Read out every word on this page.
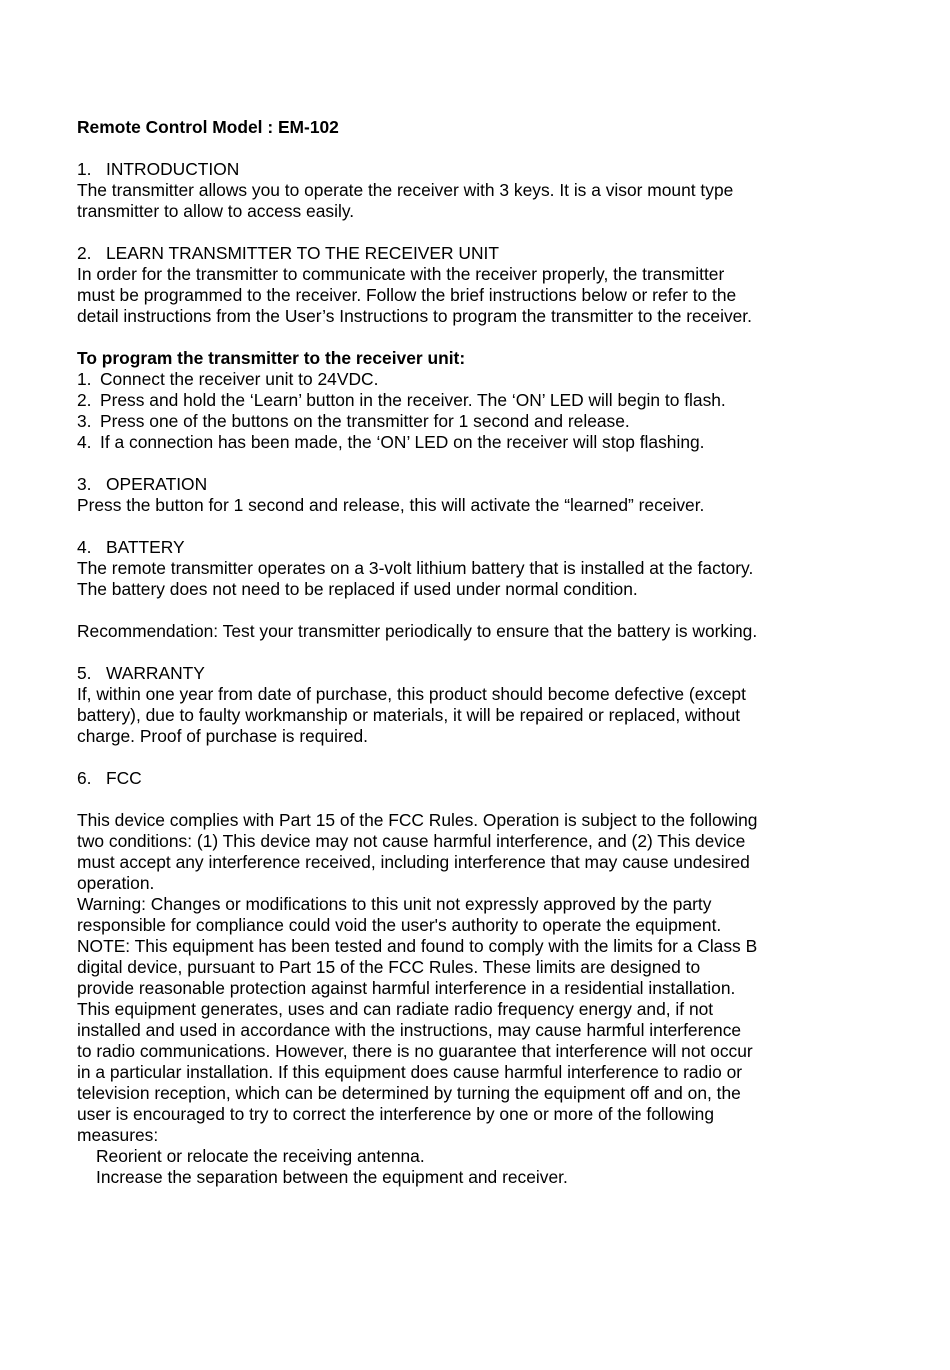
Remote Control Model : EM-102
1. INTRODUCTION
The transmitter allows you to operate the receiver with 3 keys. It is a visor mount type
transmitter to allow to access easily.
2. LEARN TRANSMITTER TO THE RECEIVER UNIT
In order for the transmitter to communicate with the receiver properly, the transmitter
must be programmed to the receiver. Follow the brief instructions below or refer to the
detail instructions from the User’s Instructions to program the transmitter to the receiver.
To program the transmitter to the receiver unit:
1. Connect the receiver unit to 24VDC.
2. Press and hold the ‘Learn’ button in the receiver. The ‘ON’ LED will begin to flash.
3. Press one of the buttons on the transmitter for 1 second and release.
4. If a connection has been made, the ‘ON’ LED on the receiver will stop flashing.
3. OPERATION
Press the button for 1 second and release, this will activate the “learned” receiver.
4. BATTERY
The remote transmitter operates on a 3-volt lithium battery that is installed at the factory.
The battery does not need to be replaced if used under normal condition.
Recommendation: Test your transmitter periodically to ensure that the battery is working.
5. WARRANTY
If, within one year from date of purchase, this product should become defective (except
battery), due to faulty workmanship or materials, it will be repaired or replaced, without
charge. Proof of purchase is required.
6. FCC
This device complies with Part 15 of the FCC Rules. Operation is subject to the following
two conditions: (1) This device may not cause harmful interference, and (2) This device
must accept any interference received, including interference that may cause undesired
operation.
Warning: Changes or modifications to this unit not expressly approved by the party
responsible for compliance could void the user's authority to operate the equipment.
NOTE: This equipment has been tested and found to comply with the limits for a Class B
digital device, pursuant to Part 15 of the FCC Rules. These limits are designed to
provide reasonable protection against harmful interference in a residential installation.
This equipment generates, uses and can radiate radio frequency energy and, if not
installed and used in accordance with the instructions, may cause harmful interference
to radio communications. However, there is no guarantee that interference will not occur
in a particular installation. If this equipment does cause harmful interference to radio or
television reception, which can be determined by turning the equipment off and on, the
user is encouraged to try to correct the interference by one or more of the following
measures:
Reorient or relocate the receiving antenna.
Increase the separation between the equipment and receiver.
